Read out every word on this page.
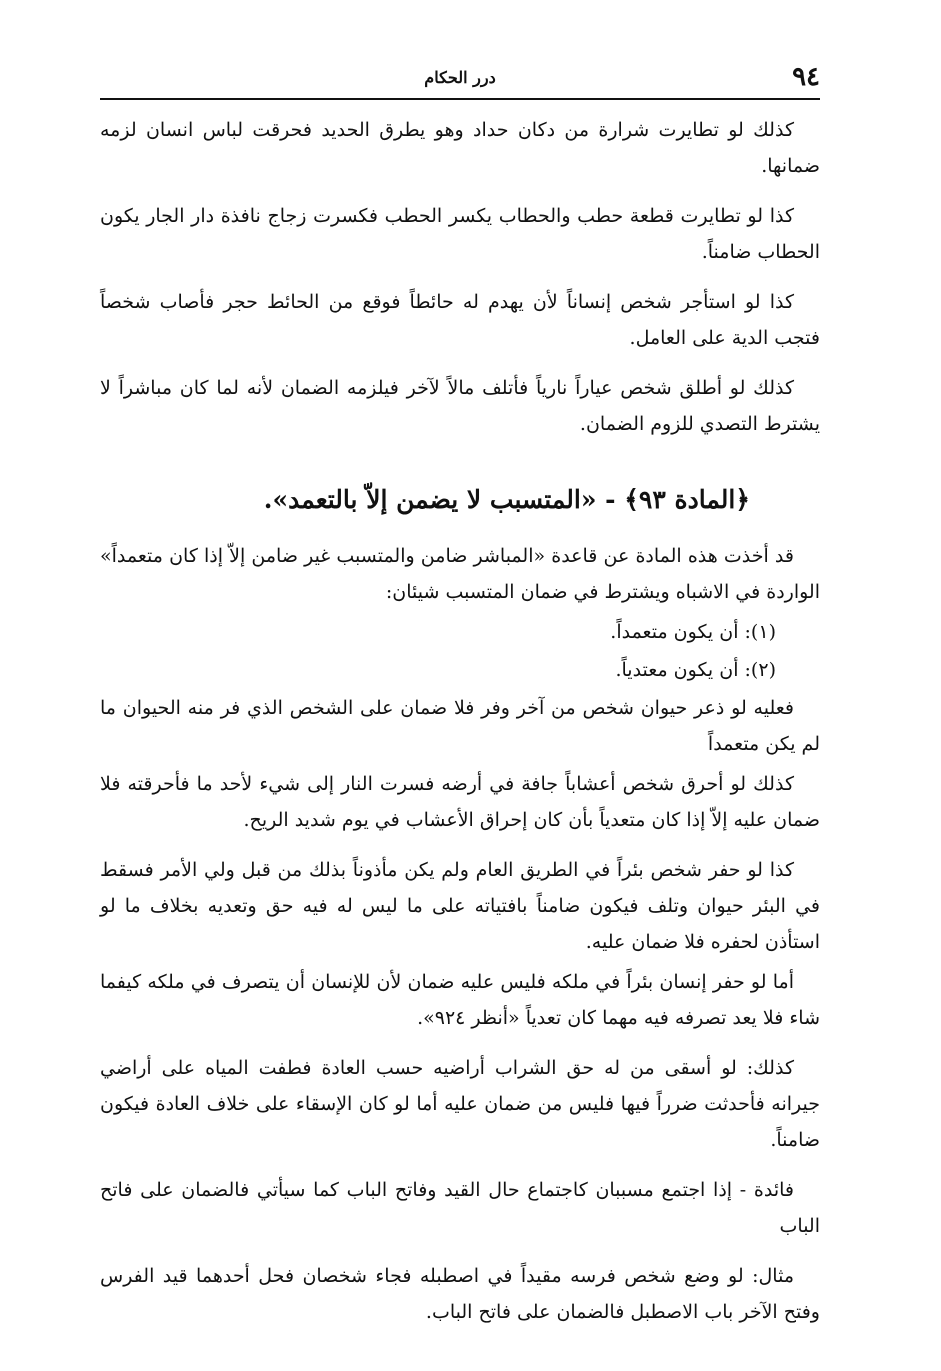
٩٤
درر الحكام

كذلك لو تطايرت شرارة من دكان حداد وهو يطرق الحديد فحرقت لباس انسان لزمه ضمانها.

كذا لو تطايرت قطعة حطب والحطاب يكسر الحطب فكسرت زجاج نافذة دار الجار يكون الحطاب ضامناً.

كذا لو استأجر شخص إنساناً لأن يهدم له حائطاً فوقع من الحائط حجر فأصاب شخصاً فتجب الدية على العامل.

كذلك لو أطلق شخص عياراً نارياً فأتلف مالاً لآخر فيلزمه الضمان لأنه لما كان مباشراً لا يشترط التصدي للزوم الضمان.

﴿المادة ٩٣﴾ - «المتسبب لا يضمن إلاّ بالتعمد».

قد أخذت هذه المادة عن قاعدة «المباشر ضامن والمتسبب غير ضامن إلاّ إذا كان متعمداً» الواردة في الاشباه ويشترط في ضمان المتسبب شيئان:

(١): أن يكون متعمداً.
(٢): أن يكون معتدياً.

فعليه لو ذعر حيوان شخص من آخر وفر فلا ضمان على الشخص الذي فر منه الحيوان ما لم يكن متعمداً

كذلك لو أحرق شخص أعشاباً جافة في أرضه فسرت النار إلى شيء لأحد ما فأحرقته فلا ضمان عليه إلاّ إذا كان متعدياً بأن كان إحراق الأعشاب في يوم شديد الريح.

كذا لو حفر شخص بئراً في الطريق العام ولم يكن مأذوناً بذلك من قبل ولي الأمر فسقط في البئر حيوان وتلف فيكون ضامناً بافتياته على ما ليس له فيه حق وتعديه بخلاف ما لو استأذن لحفره فلا ضمان عليه.

أما لو حفر إنسان بئراً في ملكه فليس عليه ضمان لأن للإنسان أن يتصرف في ملكه كيفما شاء فلا يعد تصرفه فيه مهما كان تعدياً «أنظر ٩٢٤».

كذلك: لو أسقى من له حق الشراب أراضيه حسب العادة فطفت المياه على أراضي جيرانه فأحدثت ضرراً فيها فليس من ضمان عليه أما لو كان الإسقاء على خلاف العادة فيكون ضامناً.

فائدة - إذا اجتمع مسببان كاجتماع حال القيد وفاتح الباب كما سيأتي فالضمان على فاتح الباب

مثال: لو وضع شخص فرسه مقيداً في اصطبله فجاء شخصان فحل أحدهما قيد الفرس وفتح الآخر باب الاصطبل فالضمان على فاتح الباب.
